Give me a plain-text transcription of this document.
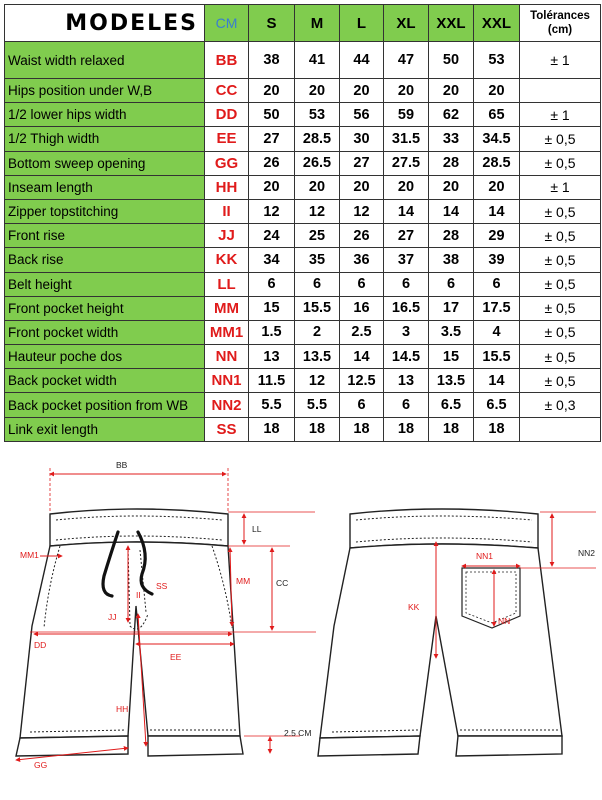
MODELES	CM	S	M	L	XL	XXL	XXL	Tolérances (cm)
Waist width relaxed	BB	38	41	44	47	50	53	± 1
Hips position under W,B	CC	20	20	20	20	20	20	
1/2 lower hips width	DD	50	53	56	59	62	65	± 1
1/2 Thigh width	EE	27	28.5	30	31.5	33	34.5	± 0,5
Bottom sweep opening	GG	26	26.5	27	27.5	28	28.5	± 0,5
Inseam length	HH	20	20	20	20	20	20	± 1
Zipper topstitching	II	12	12	12	14	14	14	± 0,5
Front rise	JJ	24	25	26	27	28	29	± 0,5
Back rise	KK	34	35	36	37	38	39	± 0,5
Belt height	LL	6	6	6	6	6	6	± 0,5
Front pocket height	MM	15	15.5	16	16.5	17	17.5	± 0,5
Front pocket width	MM1	1.5	2	2.5	3	3.5	4	± 0,5
Hauteur poche dos	NN	13	13.5	14	14.5	15	15.5	± 0,5
Back pocket width	NN1	11.5	12	12.5	13	13.5	14	± 0,5
Back pocket position from WB	NN2	5.5	5.5	6	6	6.5	6.5	± 0,3
Link exit length	SS	18	18	18	18	18	18	
BB
LL
CC
MM
MM1
SS
II
JJ
DD
EE
HH
GG
2.5 CM
NN1	NN2
KK
NN
